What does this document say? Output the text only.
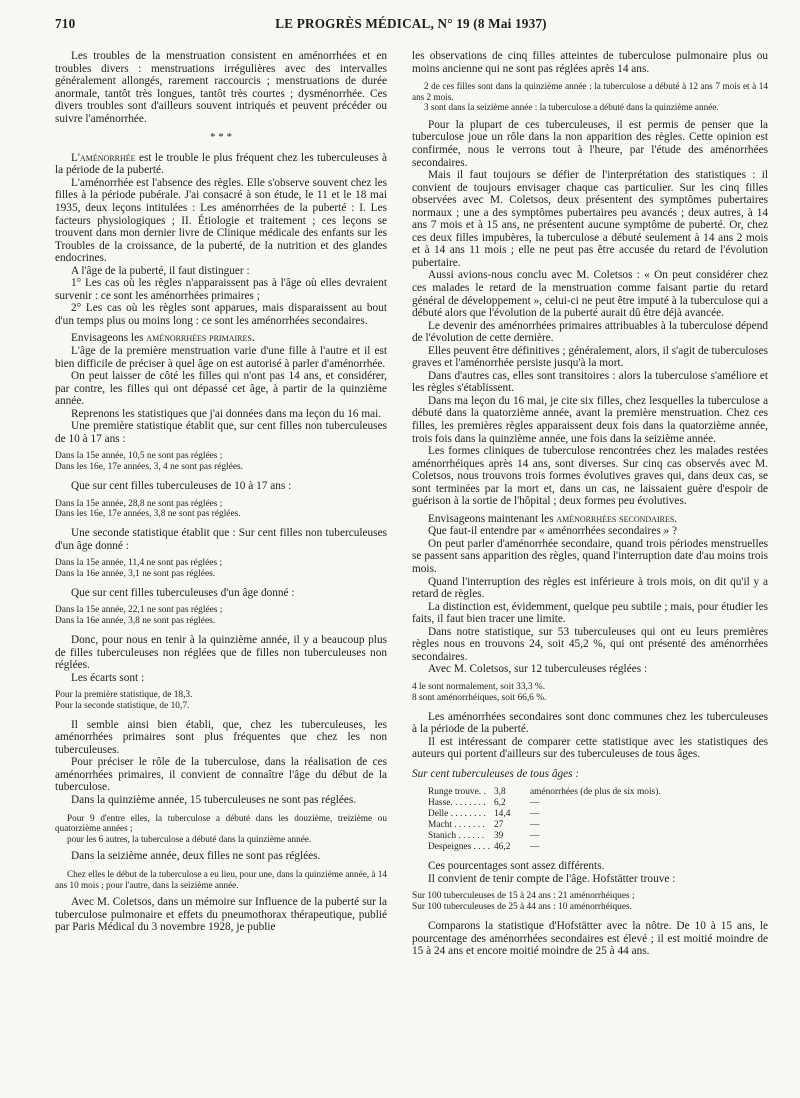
710	LE PROGRÈS MÉDICAL, N° 19 (8 Mai 1937)

Les troubles de la menstruation consistent en aménorrhées et en troubles divers : menstruations irrégulières avec des intervalles généralement allongés, rarement raccourcis ; menstruations de durée anormale, tantôt très longues, tantôt très courtes ; dysménorrhée. Ces divers troubles sont d'ailleurs souvent intriqués et peuvent précéder ou suivre l'aménorrhée.

* * *

L'aménorrhée est le trouble le plus fréquent chez les tuberculeuses à la période de la puberté.

L'aménorrhée est l'absence des règles. Elle s'observe souvent chez les filles à la période pubérale. J'ai consacré à son étude, le 11 et le 18 mai 1935, deux leçons intitulées : Les aménorrhées de la puberté : I. Les facteurs physiologiques ; II. Étiologie et traitement ; ces leçons se trouvent dans mon dernier livre de Clinique médicale des enfants sur les Troubles de la croissance, de la puberté, de la nutrition et des glandes endocrines.

A l'âge de la puberté, il faut distinguer :

1° Les cas où les règles n'apparaissent pas à l'âge où elles devraient survenir : ce sont les aménorrhées primaires ;

2° Les cas où les règles sont apparues, mais disparaissent au bout d'un temps plus ou moins long : ce sont les aménorrhées secondaires.

Envisageons les aménorrhées primaires.

L'âge de la première menstruation varie d'une fille à l'autre et il est bien difficile de préciser à quel âge on est autorisé à parler d'aménorrhée.

On peut laisser de côté les filles qui n'ont pas 14 ans, et considérer, par contre, les filles qui ont dépassé cet âge, à partir de la quinzième année.

Reprenons les statistiques que j'ai données dans ma leçon du 16 mai.

Une première statistique établit que, sur cent filles non tuberculeuses de 10 à 17 ans :

Dans la 15e année, 10,5 ne sont pas réglées ;
Dans les 16e, 17e années, 3, 4 ne sont pas réglées.

Que sur cent filles tuberculeuses de 10 à 17 ans :

Dans la 15e année, 28,8 ne sont pas réglées ;
Dans les 16e, 17e années, 3,8 ne sont pas réglées.

Une seconde statistique établit que : Sur cent filles non tuberculeuses d'un âge donné :

Dans la 15e année, 11,4 ne sont pas réglées ;
Dans la 16e année, 3,1 ne sont pas réglées.

Que sur cent filles tuberculeuses d'un âge donné :

Dans la 15e année, 22,1 ne sont pas réglées ;
Dans la 16e année, 3,8 ne sont pas réglées.

Donc, pour nous en tenir à la quinzième année, il y a beaucoup plus de filles tuberculeuses non réglées que de filles non tuberculeuses non réglées.

Les écarts sont :

Pour la première statistique, de 18,3.
Pour la seconde statistique, de 10,7.

Il semble ainsi bien établi, que, chez les tuberculeuses, les aménorrhées primaires sont plus fréquentes que chez les non tuberculeuses.

Pour préciser le rôle de la tuberculose, dans la réalisation de ces aménorrhées primaires, il convient de connaître l'âge du début de la tuberculose.

Dans la quinzième année, 15 tuberculeuses ne sont pas réglées.

Pour 9 d'entre elles, la tuberculose a débuté dans les douzième, treizième ou quatorzième années ;

pour les 6 autres, la tuberculose a débuté dans la quinzième année.

Dans la seizième année, deux filles ne sont pas réglées.

Chez elles le début de la tuberculose a eu lieu, pour une, dans la quinzième année, à 14 ans 10 mois ; pour l'autre, dans la seizième année.

Avec M. Coletsos, dans un mémoire sur Influence de la puberté sur la tuberculose pulmonaire et effets du pneumothorax thérapeutique, publié par Paris Médical du 3 novembre 1928, je publie

les observations de cinq filles atteintes de tuberculose pulmonaire plus ou moins ancienne qui ne sont pas réglées après 14 ans.

2 de ces filles sont dans la quinzième année : la tuberculose a débuté à 12 ans 7 mois et à 14 ans 2 mois.

3 sont dans la seizième année : la tuberculose a débuté dans la quinzième année.

Pour la plupart de ces tuberculeuses, il est permis de penser que la tuberculose joue un rôle dans la non apparition des règles. Cette opinion est confirmée, nous le verrons tout à l'heure, par l'étude des aménorrhées secondaires.

Mais il faut toujours se défier de l'interprétation des statistiques : il convient de toujours envisager chaque cas particulier. Sur les cinq filles observées avec M. Coletsos, deux présentent des symptômes pubertaires normaux ; une a des symptômes pubertaires peu avancés ; deux autres, à 14 ans 7 mois et à 15 ans, ne présentent aucune symptôme de puberté. Or, chez ces deux filles impubères, la tuberculose a débuté seulement à 14 ans 2 mois et à 14 ans 11 mois ; elle ne peut pas être accusée du retard de l'évolution pubertaire.

Aussi avions-nous conclu avec M. Coletsos : « On peut considérer chez ces malades le retard de la menstruation comme faisant partie du retard général de développement », celui-ci ne peut être imputé à la tuberculose qui a débuté alors que l'évolution de la puberté aurait dû être déjà avancée.

Le devenir des aménorrhées primaires attribuables à la tuberculose dépend de l'évolution de cette dernière.

Elles peuvent être définitives ; généralement, alors, il s'agit de tuberculoses graves et l'aménorrhée persiste jusqu'à la mort.

Dans d'autres cas, elles sont transitoires : alors la tuberculose s'améliore et les règles s'établissent.

Dans ma leçon du 16 mai, je cite six filles, chez lesquelles la tuberculose a débuté dans la quatorzième année, avant la première menstruation. Chez ces filles, les premières règles apparaissent deux fois dans la quatorzième année, trois fois dans la quinzième année, une fois dans la seizième année.

Les formes cliniques de tuberculose rencontrées chez les malades restées aménorrhéiques après 14 ans, sont diverses. Sur cinq cas observés avec M. Coletsos, nous trouvons trois formes évolutives graves qui, dans deux cas, se sont terminées par la mort et, dans un cas, ne laissaient guère d'espoir de guérison à la sortie de l'hôpital ; deux formes peu évolutives.

Envisageons maintenant les aménorrhées secondaires.

Que faut-il entendre par « aménorrhées secondaires » ?

On peut parler d'aménorrhée secondaire, quand trois périodes menstruelles se passent sans apparition des règles, quand l'interruption date d'au moins trois mois.

Quand l'interruption des règles est inférieure à trois mois, on dit qu'il y a retard de règles.

La distinction est, évidemment, quelque peu subtile ; mais, pour étudier les faits, il faut bien tracer une limite.

Dans notre statistique, sur 53 tuberculeuses qui ont eu leurs premières règles nous en trouvons 24, soit 45,2 %, qui ont présenté des aménorrhées secondaires.

Avec M. Coletsos, sur 12 tuberculeuses réglées :

4 le sont normalement, soit 33,3 %.
8 sont aménorrhéiques, soit 66,6 %.

Les aménorrhées secondaires sont donc communes chez les tuberculeuses à la période de la puberté.

Il est intéressant de comparer cette statistique avec les statistiques des auteurs qui portent d'ailleurs sur des tuberculeuses de tous âges.

Sur cent tuberculeuses de tous âges :

Runge trouve. .	3,8	aménorrhées (de plus de six mois).
Hasse. . . . . . . .	6,2	—
Delle . . . . . . . .	14,4	—
Macht . . . . . . .	27	—
Stanich . . . . . .	39	—
Despeignes . . . .	46,2	—

Ces pourcentages sont assez différents.

Il convient de tenir compte de l'âge. Hofstätter trouve :

Sur 100 tuberculeuses de 15 à 24 ans : 21 aménorrhéiques ;
Sur 100 tuberculeuses de 25 à 44 ans : 10 aménorrhéiques.

Comparons la statistique d'Hofstätter avec la nôtre. De 10 à 15 ans, le pourcentage des aménorrhées secondaires est élevé ; il est moitié moindre de 15 à 24 ans et encore moitié moindre de 25 à 44 ans.
